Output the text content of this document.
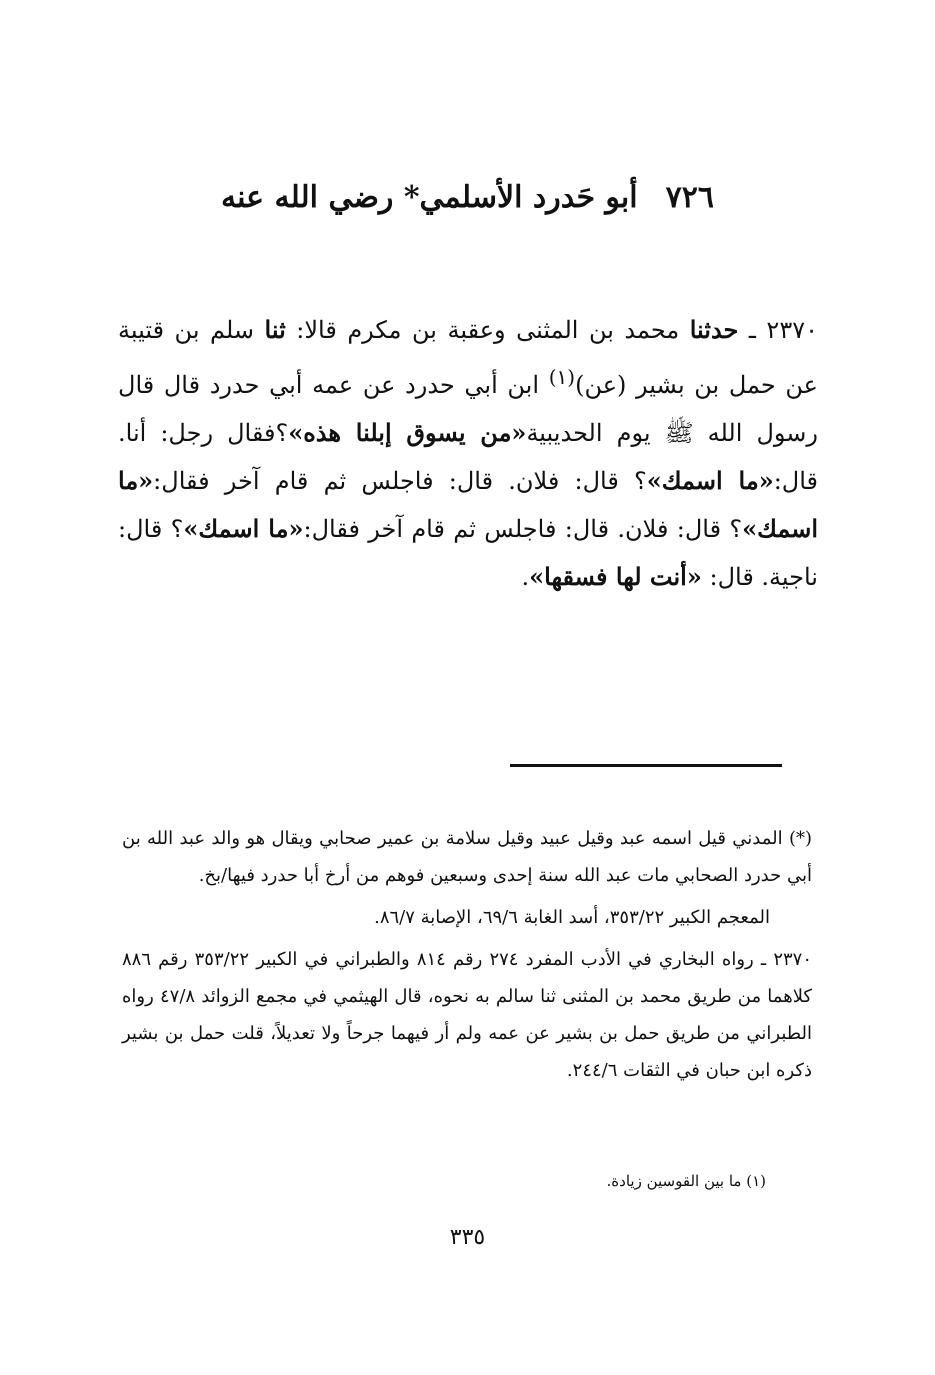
٧٢٦أبو حَدرد الأسلمي* رضي الله عنه

٢٣٧٠ ـ حدثنا محمد بن المثنى وعقبة بن مكرم قالا: ثنا سلم بن قتيبة عن حمل بن بشير (عن)$^{(١)}$ ابن أبي حدرد عن عمه أبي حدرد قال قال رسول الله ﷺ يوم الحديبية«من يسوق إبلنا هذه»؟فقال رجل: أنا. قال:«ما اسمك»؟ قال: فلان. قال: فاجلس ثم قام آخر فقال:«ما اسمك»؟ قال: فلان. قال: فاجلس ثم قام آخر فقال:«ما اسمك»؟ قال: ناجية. قال: «أنت لها فسقها».

(*) المدني قيل اسمه عبد وقيل عبيد وقيل سلامة بن عمير صحابي ويقال هو والد عبد الله بن أبي حدرد الصحابي مات عبد الله سنة إحدى وسبعين فوهم من أرخ أبا حدرد فيها/بخ.

المعجم الكبير ٣٥٣/٢٢، أسد الغابة ٦٩/٦، الإصابة ٨٦/٧.

٢٣٧٠ ـ رواه البخاري في الأدب المفرد ٢٧٤ رقم ٨١٤ والطبراني في الكبير ٣٥٣/٢٢ رقم ٨٨٦ كلاهما من طريق محمد بن المثنى ثنا سالم به نحوه، قال الهيثمي في مجمع الزوائد ٤٧/٨ رواه الطبراني من طريق حمل بن بشير عن عمه ولم أر فيهما جرحاً ولا تعديلاً، قلت حمل بن بشير ذكره ابن حبان في الثقات ٢٤٤/٦.

(١) ما بين القوسين زيادة.
٣٣٥
